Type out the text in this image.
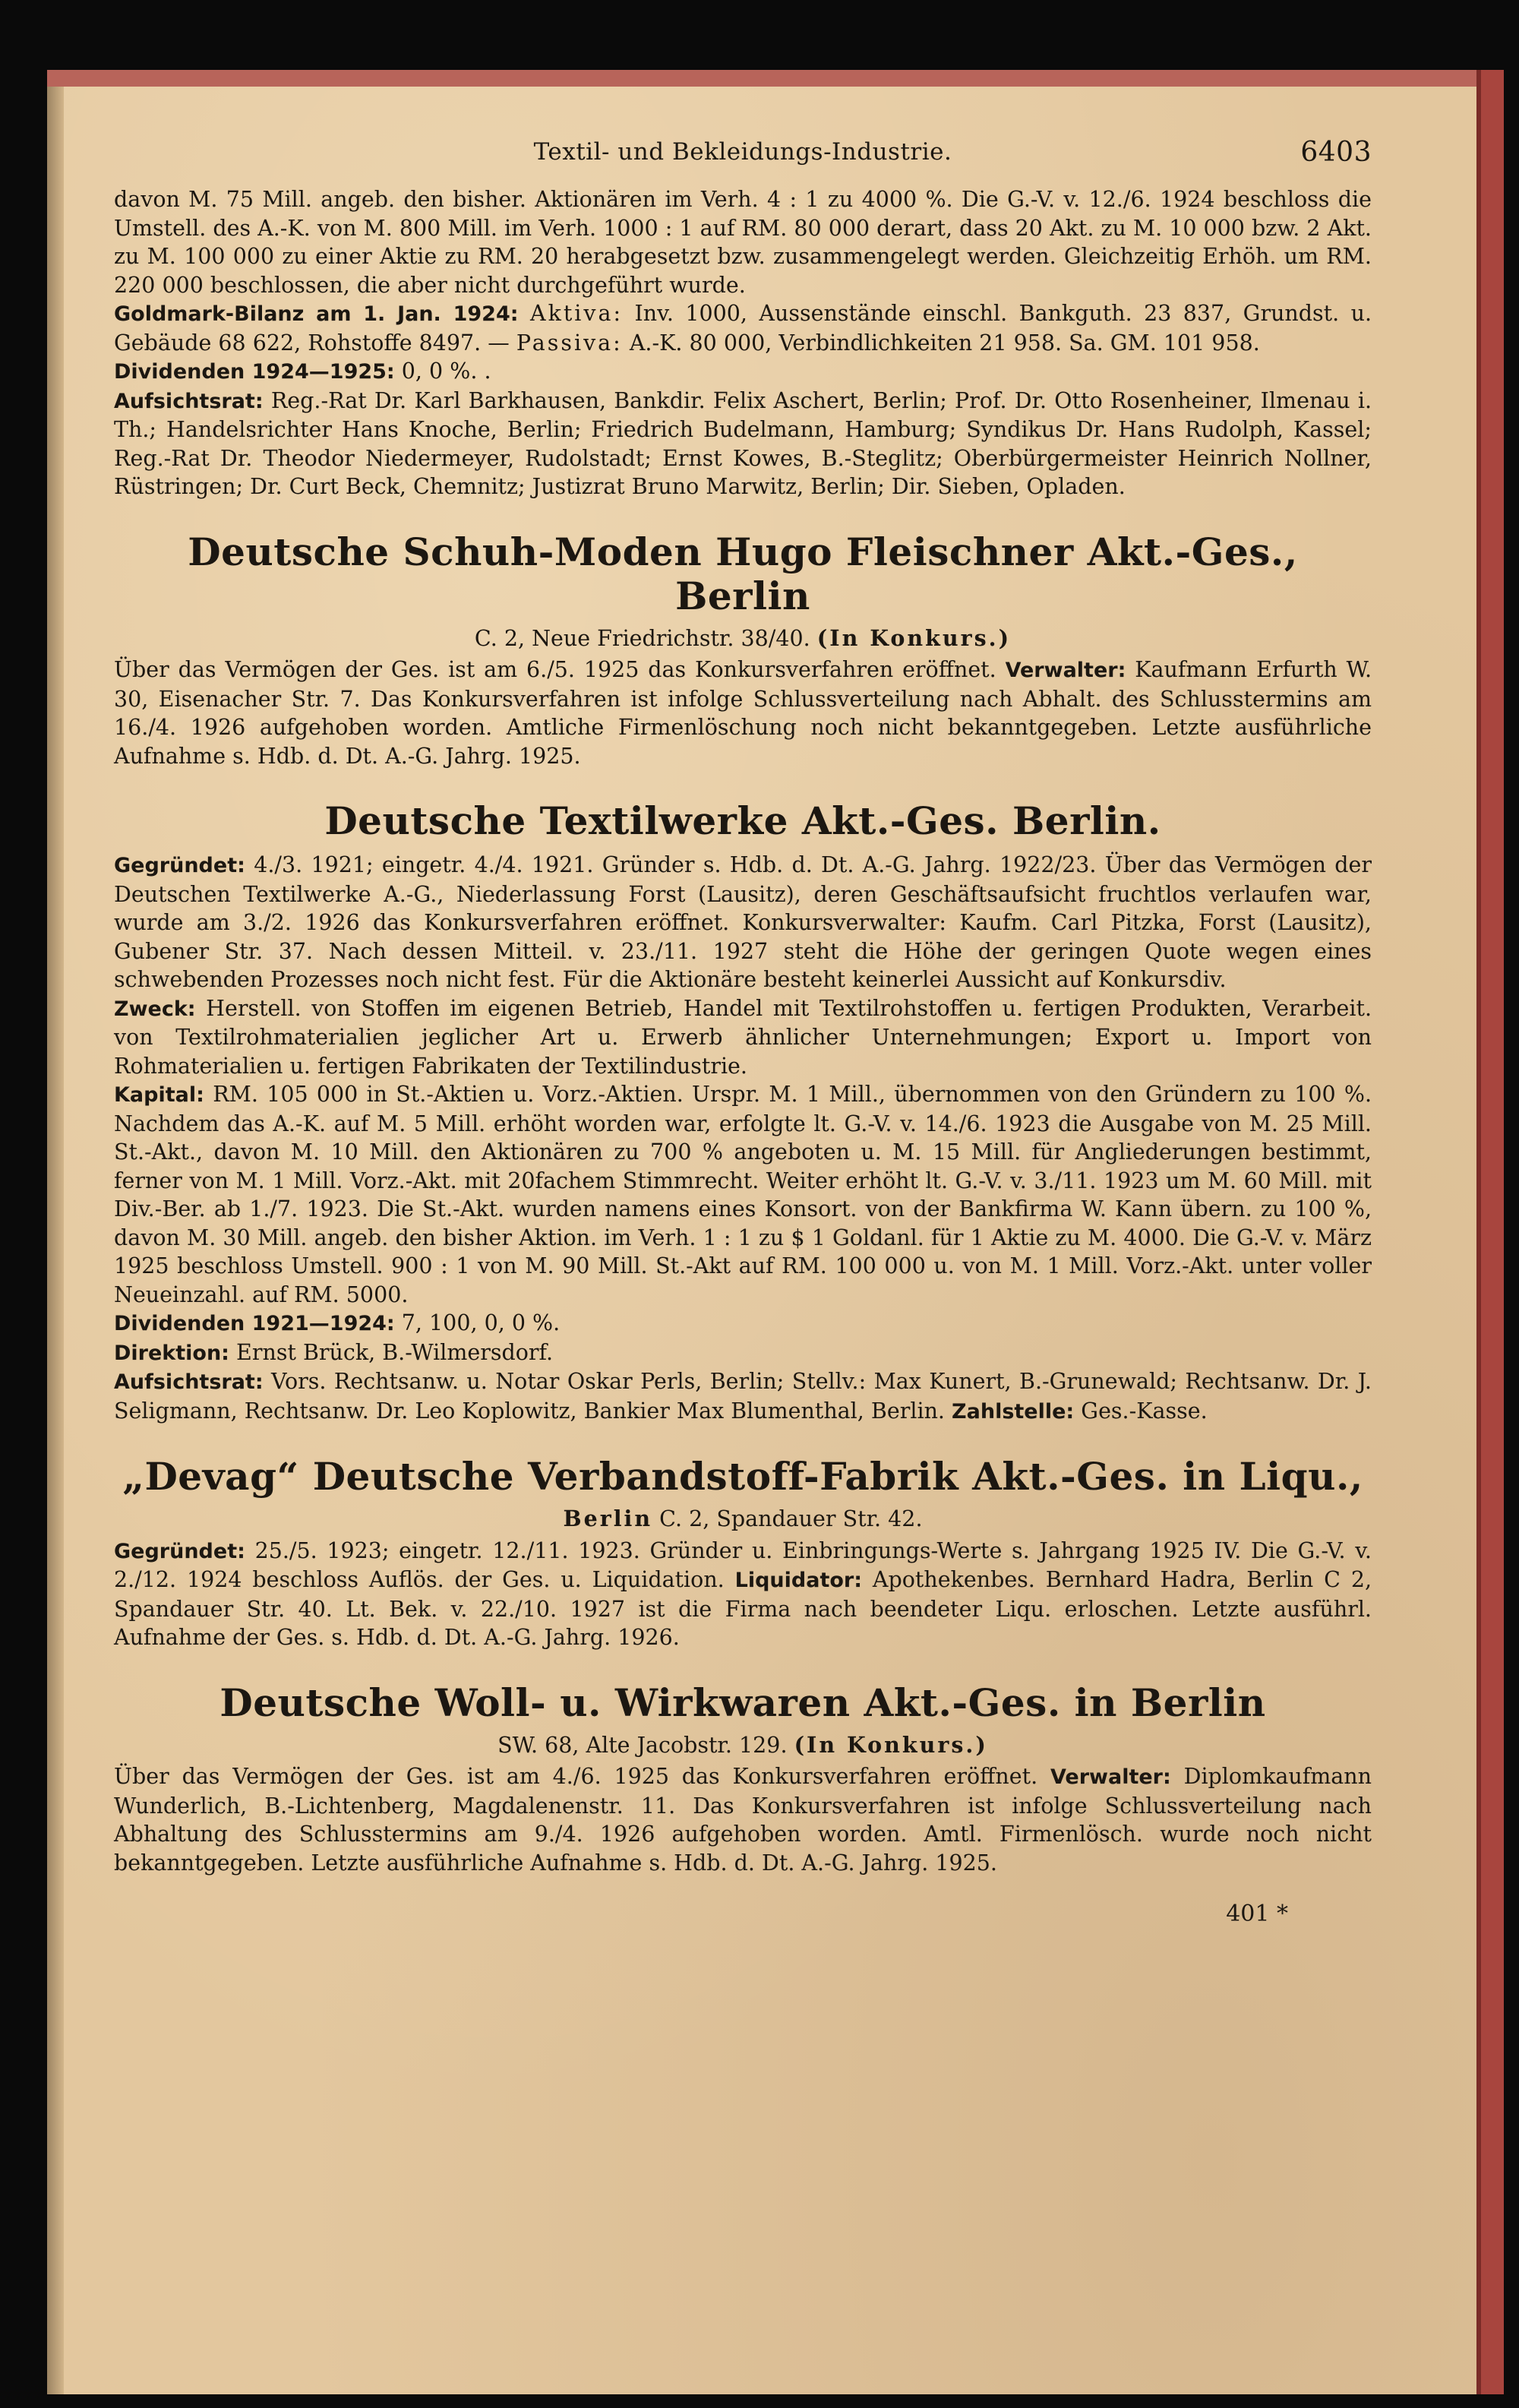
Textil- und Bekleidungs-Industrie.	6403

davon M. 75 Mill. angeb. den bisher. Aktionären im Verh. 4 : 1 zu 4000 %. Die G.-V. v. 12./6. 1924 beschloss die Umstell. des A.-K. von M. 800 Mill. im Verh. 1000 : 1 auf RM. 80 000 derart, dass 20 Akt. zu M. 10 000 bzw. 2 Akt. zu M. 100 000 zu einer Aktie zu RM. 20 herabgesetzt bzw. zusammengelegt werden. Gleichzeitig Erhöh. um RM. 220 000 beschlossen, die aber nicht durchgeführt wurde.

Goldmark-Bilanz am 1. Jan. 1924: Aktiva: Inv. 1000, Aussenstände einschl. Bankguth. 23 837, Grundst. u. Gebäude 68 622, Rohstoffe 8497. — Passiva: A.-K. 80 000, Verbindlichkeiten 21 958. Sa. GM. 101 958.

Dividenden 1924—1925: 0, 0 %. .

Aufsichtsrat: Reg.-Rat Dr. Karl Barkhausen, Bankdir. Felix Aschert, Berlin; Prof. Dr. Otto Rosenheiner, Ilmenau i. Th.; Handelsrichter Hans Knoche, Berlin; Friedrich Budelmann, Hamburg; Syndikus Dr. Hans Rudolph, Kassel; Reg.-Rat Dr. Theodor Niedermeyer, Rudolstadt; Ernst Kowes, B.-Steglitz; Oberbürgermeister Heinrich Nollner, Rüstringen; Dr. Curt Beck, Chemnitz; Justizrat Bruno Marwitz, Berlin; Dir. Sieben, Opladen.

Deutsche Schuh-Moden Hugo Fleischner Akt.-Ges., Berlin
C. 2, Neue Friedrichstr. 38/40. (In Konkurs.)

Über das Vermögen der Ges. ist am 6./5. 1925 das Konkursverfahren eröffnet. Verwalter: Kaufmann Erfurth W. 30, Eisenacher Str. 7. Das Konkursverfahren ist infolge Schlussverteilung nach Abhalt. des Schlusstermins am 16./4. 1926 aufgehoben worden. Amtliche Firmenlöschung noch nicht bekanntgegeben. Letzte ausführliche Aufnahme s. Hdb. d. Dt. A.-G. Jahrg. 1925.

Deutsche Textilwerke Akt.-Ges. Berlin.

Gegründet: 4./3. 1921; eingetr. 4./4. 1921. Gründer s. Hdb. d. Dt. A.-G. Jahrg. 1922/23. Über das Vermögen der Deutschen Textilwerke A.-G., Niederlassung Forst (Lausitz), deren Geschäftsaufsicht fruchtlos verlaufen war, wurde am 3./2. 1926 das Konkursverfahren eröffnet. Konkursverwalter: Kaufm. Carl Pitzka, Forst (Lausitz), Gubener Str. 37. Nach dessen Mitteil. v. 23./11. 1927 steht die Höhe der geringen Quote wegen eines schwebenden Prozesses noch nicht fest. Für die Aktionäre besteht keinerlei Aussicht auf Konkursdiv.

Zweck: Herstell. von Stoffen im eigenen Betrieb, Handel mit Textilrohstoffen u. fertigen Produkten, Verarbeit. von Textilrohmaterialien jeglicher Art u. Erwerb ähnlicher Unternehmungen; Export u. Import von Rohmaterialien u. fertigen Fabrikaten der Textilindustrie.

Kapital: RM. 105 000 in St.-Aktien u. Vorz.-Aktien. Urspr. M. 1 Mill., übernommen von den Gründern zu 100 %. Nachdem das A.-K. auf M. 5 Mill. erhöht worden war, erfolgte lt. G.-V. v. 14./6. 1923 die Ausgabe von M. 25 Mill. St.-Akt., davon M. 10 Mill. den Aktionären zu 700 % angeboten u. M. 15 Mill. für Angliederungen bestimmt, ferner von M. 1 Mill. Vorz.-Akt. mit 20fachem Stimmrecht. Weiter erhöht lt. G.-V. v. 3./11. 1923 um M. 60 Mill. mit Div.-Ber. ab 1./7. 1923. Die St.-Akt. wurden namens eines Konsort. von der Bankfirma W. Kann übern. zu 100 %, davon M. 30 Mill. angeb. den bisher Aktion. im Verh. 1 : 1 zu $ 1 Goldanl. für 1 Aktie zu M. 4000. Die G.-V. v. März 1925 beschloss Umstell. 900 : 1 von M. 90 Mill. St.-Akt auf RM. 100 000 u. von M. 1 Mill. Vorz.-Akt. unter voller Neueinzahl. auf RM. 5000.

Dividenden 1921—1924: 7, 100, 0, 0 %.

Direktion: Ernst Brück, B.-Wilmersdorf.

Aufsichtsrat: Vors. Rechtsanw. u. Notar Oskar Perls, Berlin; Stellv.: Max Kunert, B.-Grunewald; Rechtsanw. Dr. J. Seligmann, Rechtsanw. Dr. Leo Koplowitz, Bankier Max Blumenthal, Berlin. Zahlstelle: Ges.-Kasse.

„Devag“ Deutsche Verbandstoff-Fabrik Akt.-Ges. in Liqu.,
Berlin C. 2, Spandauer Str. 42.

Gegründet: 25./5. 1923; eingetr. 12./11. 1923. Gründer u. Einbringungs-Werte s. Jahrgang 1925 IV. Die G.-V. v. 2./12. 1924 beschloss Auflös. der Ges. u. Liquidation. Liquidator: Apothekenbes. Bernhard Hadra, Berlin C 2, Spandauer Str. 40. Lt. Bek. v. 22./10. 1927 ist die Firma nach beendeter Liqu. erloschen. Letzte ausführl. Aufnahme der Ges. s. Hdb. d. Dt. A.-G. Jahrg. 1926.

Deutsche Woll- u. Wirkwaren Akt.-Ges. in Berlin
SW. 68, Alte Jacobstr. 129. (In Konkurs.)

Über das Vermögen der Ges. ist am 4./6. 1925 das Konkursverfahren eröffnet. Verwalter: Diplomkaufmann Wunderlich, B.-Lichtenberg, Magdalenenstr. 11. Das Konkursverfahren ist infolge Schlussverteilung nach Abhaltung des Schlusstermins am 9./4. 1926 aufgehoben worden. Amtl. Firmenlösch. wurde noch nicht bekanntgegeben. Letzte ausführliche Aufnahme s. Hdb. d. Dt. A.-G. Jahrg. 1925.

401 *
